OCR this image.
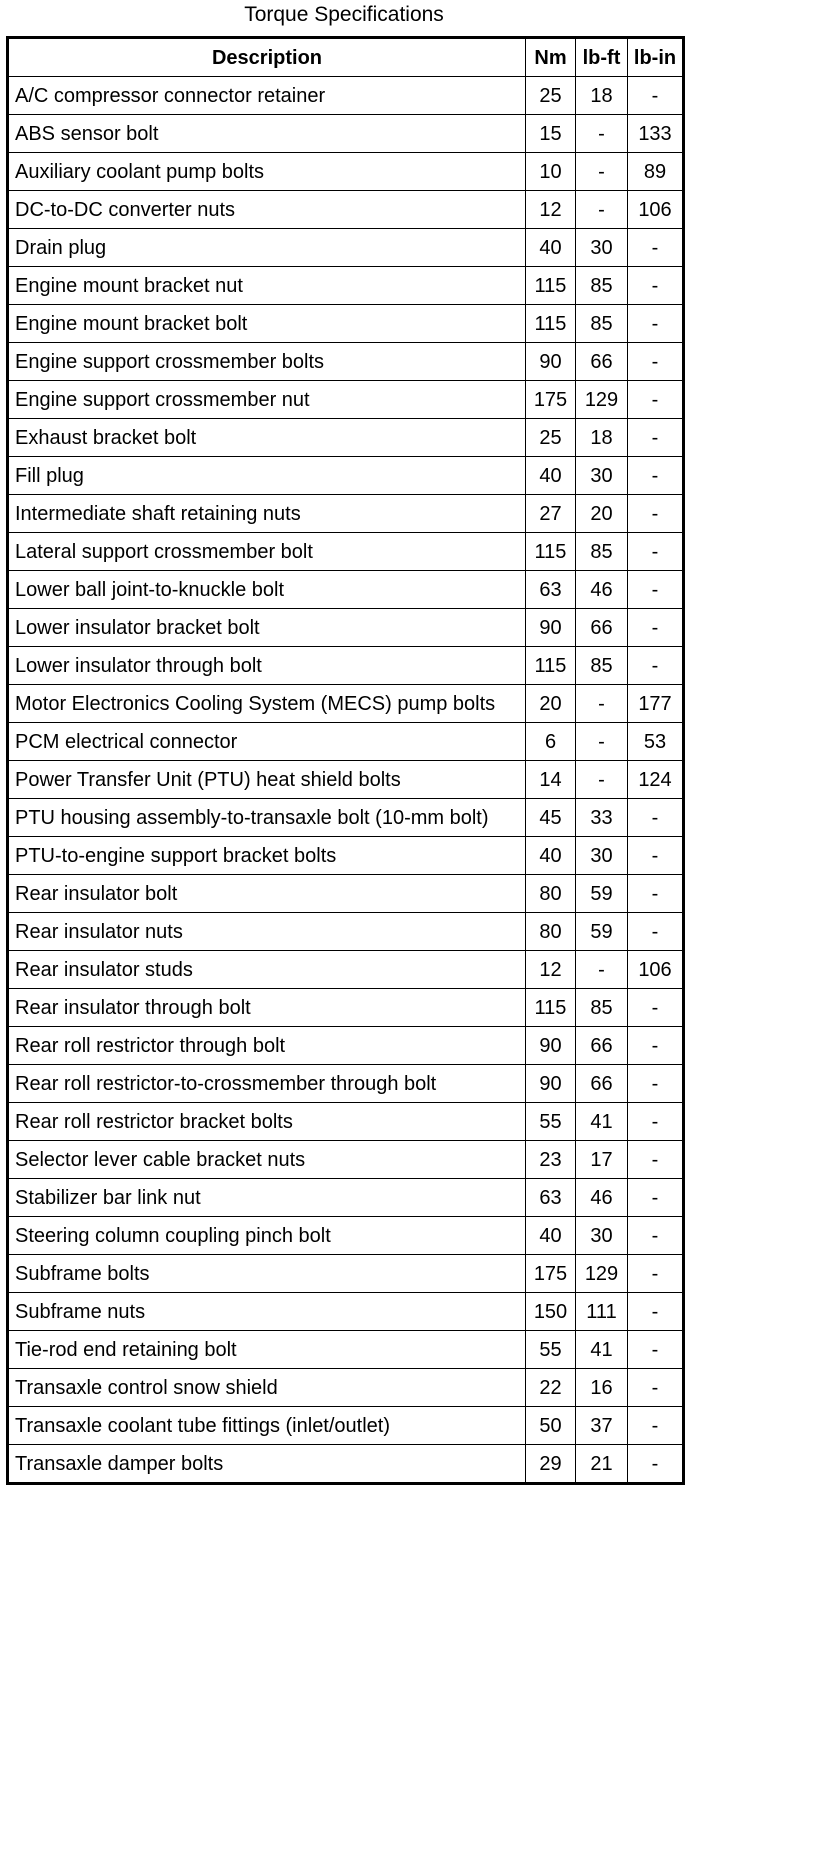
Torque Specifications
Description	Nm	lb-ft	lb-in
A/C compressor connector retainer	25	18	-
ABS sensor bolt	15	-	133
Auxiliary coolant pump bolts	10	-	89
DC-to-DC converter nuts	12	-	106
Drain plug	40	30	-
Engine mount bracket nut	115	85	-
Engine mount bracket bolt	115	85	-
Engine support crossmember bolts	90	66	-
Engine support crossmember nut	175	129	-
Exhaust bracket bolt	25	18	-
Fill plug	40	30	-
Intermediate shaft retaining nuts	27	20	-
Lateral support crossmember bolt	115	85	-
Lower ball joint-to-knuckle bolt	63	46	-
Lower insulator bracket bolt	90	66	-
Lower insulator through bolt	115	85	-
Motor Electronics Cooling System (MECS) pump bolts	20	-	177
PCM electrical connector	6	-	53
Power Transfer Unit (PTU) heat shield bolts	14	-	124
PTU housing assembly-to-transaxle bolt (10-mm bolt)	45	33	-
PTU-to-engine support bracket bolts	40	30	-
Rear insulator bolt	80	59	-
Rear insulator nuts	80	59	-
Rear insulator studs	12	-	106
Rear insulator through bolt	115	85	-
Rear roll restrictor through bolt	90	66	-
Rear roll restrictor-to-crossmember through bolt	90	66	-
Rear roll restrictor bracket bolts	55	41	-
Selector lever cable bracket nuts	23	17	-
Stabilizer bar link nut	63	46	-
Steering column coupling pinch bolt	40	30	-
Subframe bolts	175	129	-
Subframe nuts	150	111	-
Tie-rod end retaining bolt	55	41	-
Transaxle control snow shield	22	16	-
Transaxle coolant tube fittings (inlet/outlet)	50	37	-
Transaxle damper bolts	29	21	-
